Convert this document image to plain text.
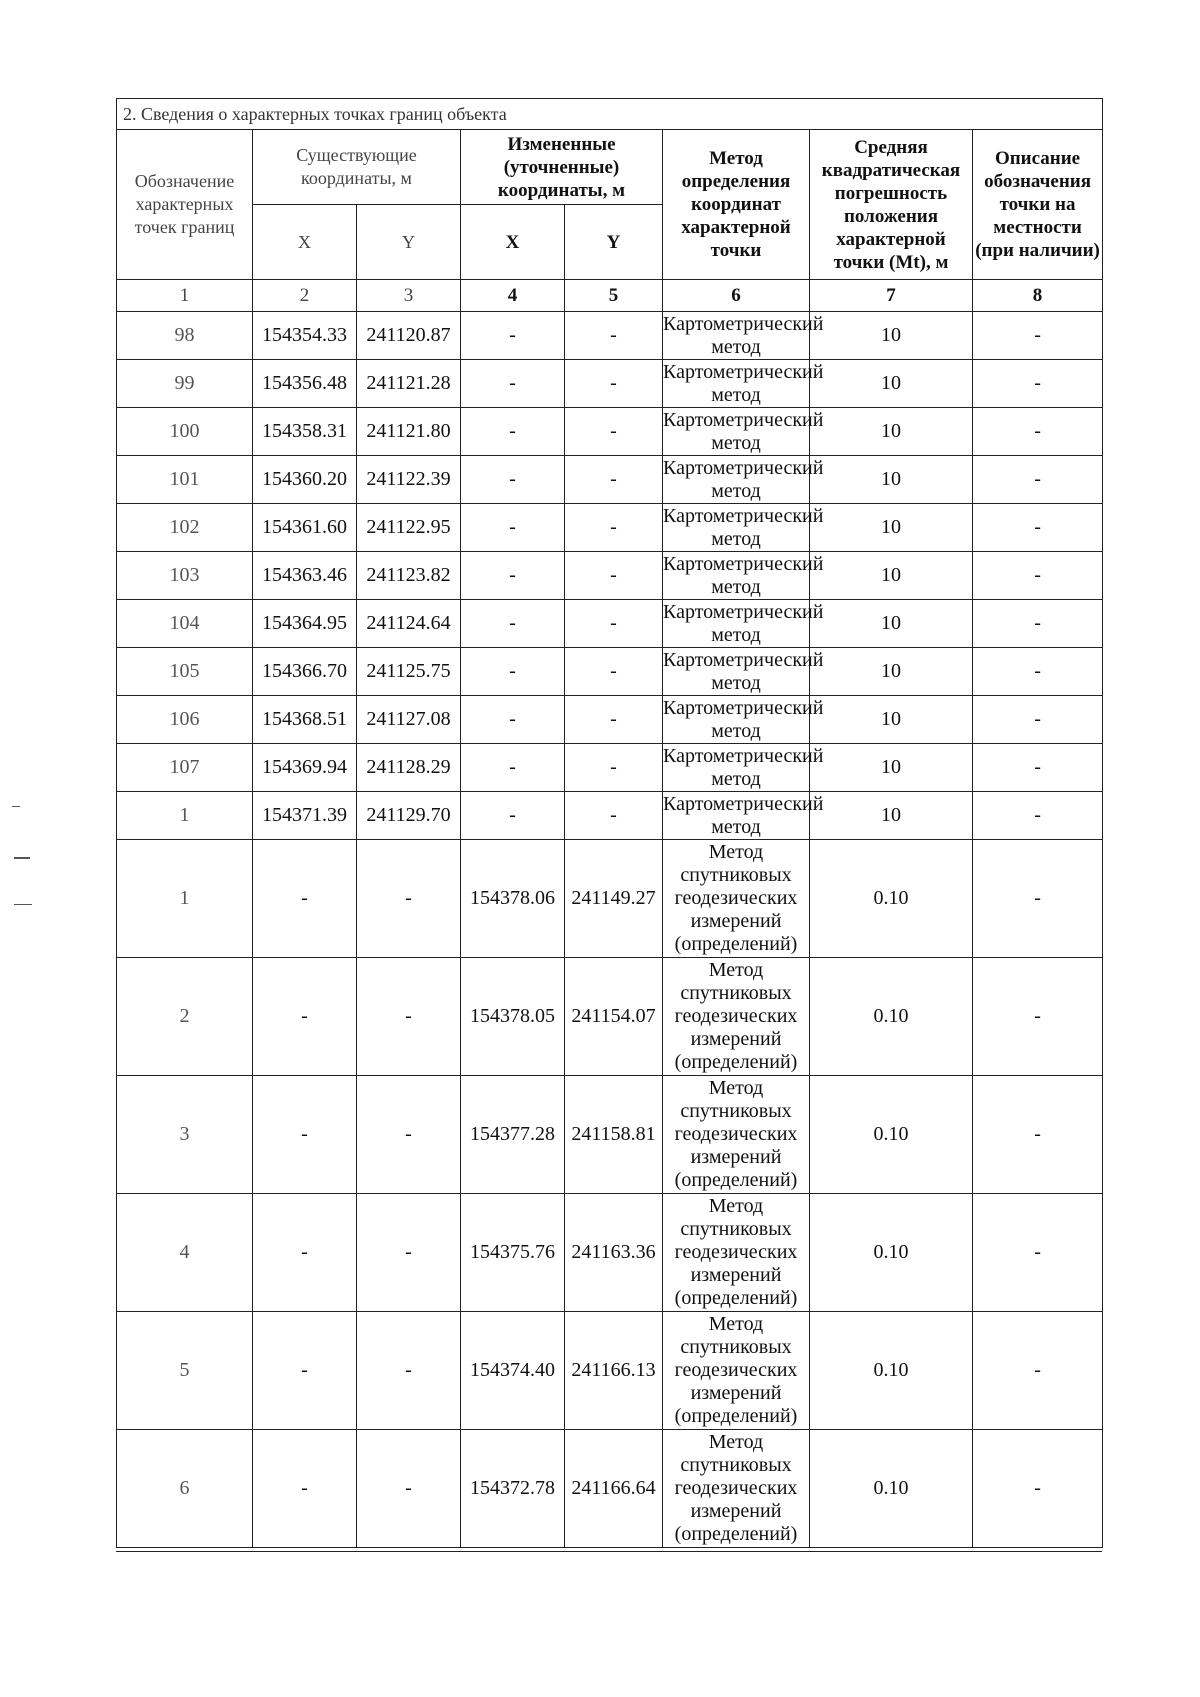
2. Сведения о характерных точках границ объекта							
Обозначение характерных точек границ	Существующие координаты, м		Измененные (уточненные) координаты, м		Метод определения координат характерной точки	Средняя квадратическая погрешность положения характерной точки (Mt), м	Описание обозначения точки на местности (при наличии)
	X	Y	X	Y			
1	2	3	4	5	6	7	8
98	154354.33	241120.87	-	-	Картометрический метод	10	-
99	154356.48	241121.28	-	-	Картометрический метод	10	-
100	154358.31	241121.80	-	-	Картометрический метод	10	-
101	154360.20	241122.39	-	-	Картометрический метод	10	-
102	154361.60	241122.95	-	-	Картометрический метод	10	-
103	154363.46	241123.82	-	-	Картометрический метод	10	-
104	154364.95	241124.64	-	-	Картометрический метод	10	-
105	154366.70	241125.75	-	-	Картометрический метод	10	-
106	154368.51	241127.08	-	-	Картометрический метод	10	-
107	154369.94	241128.29	-	-	Картометрический метод	10	-
1	154371.39	241129.70	-	-	Картометрический метод	10	-
1	-	-	154378.06	241149.27	Метод спутниковых геодезических измерений (определений)	0.10	-
2	-	-	154378.05	241154.07	Метод спутниковых геодезических измерений (определений)	0.10	-
3	-	-	154377.28	241158.81	Метод спутниковых геодезических измерений (определений)	0.10	-
4	-	-	154375.76	241163.36	Метод спутниковых геодезических измерений (определений)	0.10	-
5	-	-	154374.40	241166.13	Метод спутниковых геодезических измерений (определений)	0.10	-
6	-	-	154372.78	241166.64	Метод спутниковых геодезических измерений (определений)	0.10	-
